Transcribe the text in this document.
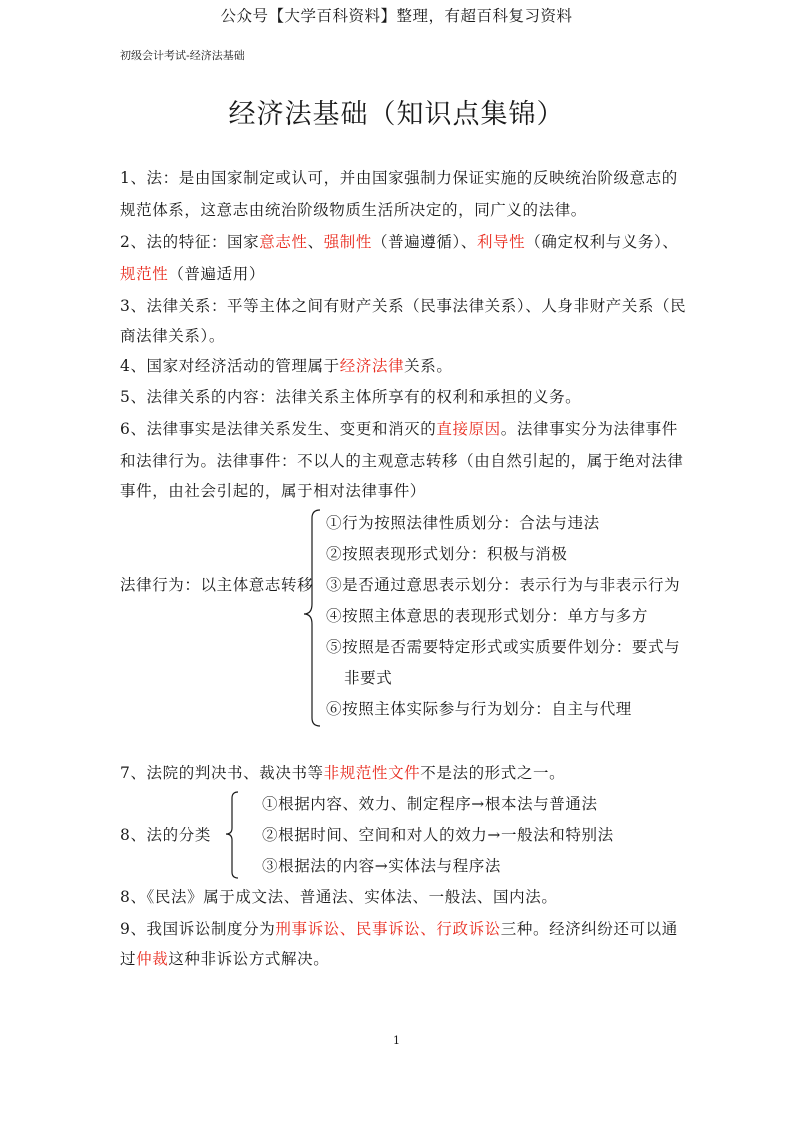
公众号【大学百科资料】整理，有超百科复习资料
初级会计考试-经济法基础
经济法基础（知识点集锦）
1、法：是由国家制定或认可，并由国家强制力保证实施的反映统治阶级意志的
规范体系，这意志由统治阶级物质生活所决定的，同广义的法律。
2、法的特征：国家意志性、强制性（普遍遵循）、利导性（确定权利与义务）、
规范性（普遍适用）
3、法律关系：平等主体之间有财产关系（民事法律关系）、人身非财产关系（民
商法律关系）。
4、国家对经济活动的管理属于经济法律关系。
5、法律关系的内容：法律关系主体所享有的权利和承担的义务。
6、法律事实是法律关系发生、变更和消灭的直接原因。法律事实分为法律事件
和法律行为。法律事件：不以人的主观意志转移（由自然引起的，属于绝对法律
事件，由社会引起的，属于相对法律事件）
法律行为：以主体意志转移
①行为按照法律性质划分：合法与违法
②按照表现形式划分：积极与消极
③是否通过意思表示划分：表示行为与非表示行为
④按照主体意思的表现形式划分：单方与多方
⑤按照是否需要特定形式或实质要件划分：要式与
非要式
⑥按照主体实际参与行为划分：自主与代理
7、法院的判决书、裁决书等非规范性文件不是法的形式之一。
8、法的分类
①根据内容、效力、制定程序→根本法与普通法
②根据时间、空间和对人的效力→一般法和特别法
③根据法的内容→实体法与程序法
8、《民法》属于成文法、普通法、实体法、一般法、国内法。
9、我国诉讼制度分为刑事诉讼、民事诉讼、行政诉讼三种。经济纠纷还可以通
过仲裁这种非诉讼方式解决。
1
